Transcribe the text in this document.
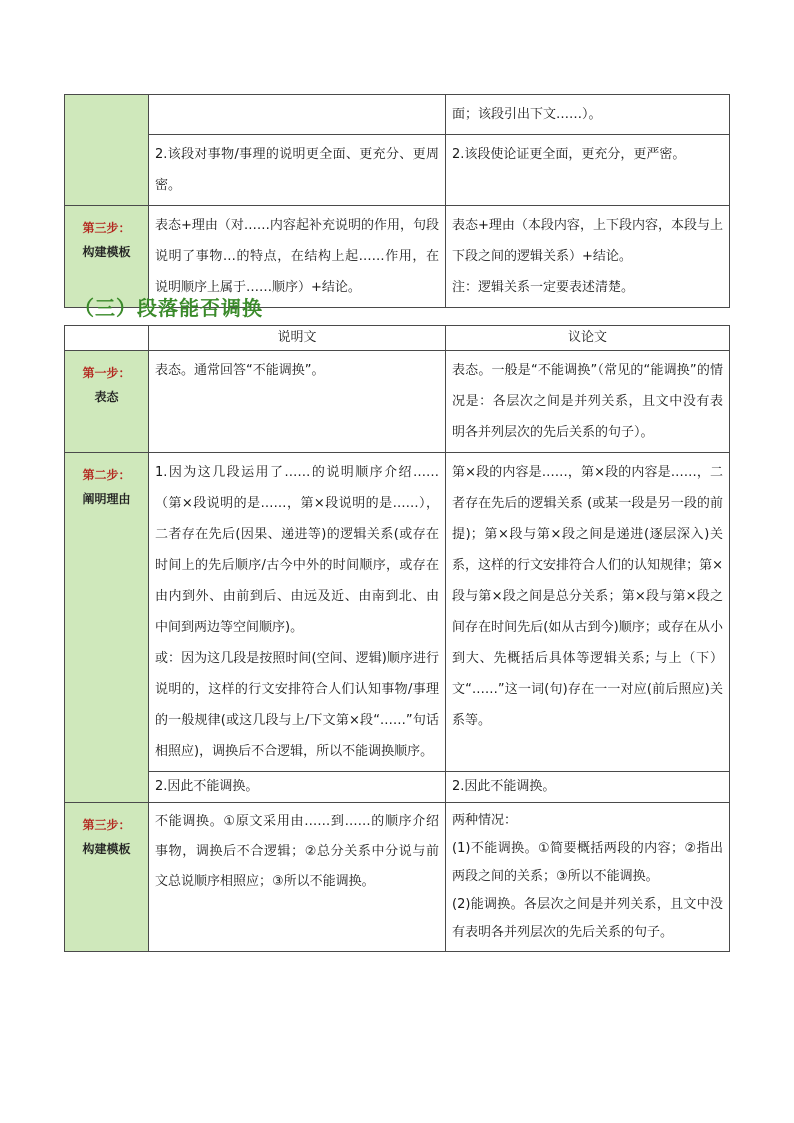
		面；该段引出下文……）。
	2.该段对事物/事理的说明更全面、更充分、更周密。	2.该段使论证更全面，更充分，更严密。

第三步：
构建模板	表态+理由（对……内容起补充说明的作用，句段说明了事物…的特点，在结构上起……作用，在说明顺序上属于……顺序）+结论。	表态+理由（本段内容，上下段内容，本段与上下段之间的逻辑关系）+结论。
注：逻辑关系一定要表述清楚。
（三）段落能否调换
	说明文	议论文

第一步：
表态	表态。通常回答“不能调换”。	表态。一般是“不能调换”（常见的“能调换”的情况是：各层次之间是并列关系，且文中没有表明各并列层次的先后关系的句子）。

第二步：
阐明理由	1.因为这几段运用了……的说明顺序介绍……（第×段说明的是……，第×段说明的是……），二者存在先后(因果、递进等)的逻辑关系(或存在时间上的先后顺序/古今中外的时间顺序，或存在由内到外、由前到后、由远及近、由南到北、由中间到两边等空间顺序)。
或：因为这几段是按照时间(空间、逻辑)顺序进行说明的，这样的行文安排符合人们认知事物/事理的一般规律(或这几段与上/下文第×段“……”句话相照应)，调换后不合逻辑，所以不能调换顺序。	第×段的内容是……，第×段的内容是……，二者存在先后的逻辑关系 (或某一段是另一段的前提)；第×段与第×段之间是递进(逐层深入)关系，这样的行文安排符合人们的认知规律；第×段与第×段之间是总分关系；第×段与第×段之间存在时间先后(如从古到今)顺序；或存在从小到大、先概括后具体等逻辑关系; 与上（下）文“……”这一词(句)存在一一对应(前后照应)关系等。
	2.因此不能调换。	2.因此不能调换。

第三步：
构建模板	不能调换。①原文采用由……到……的顺序介绍事物，调换后不合逻辑；②总分关系中分说与前文总说顺序相照应；③所以不能调换。	两种情况：
(1)不能调换。①简要概括两段的内容；②指出两段之间的关系；③所以不能调换。
(2)能调换。各层次之间是并列关系，且文中没有表明各并列层次的先后关系的句子。
